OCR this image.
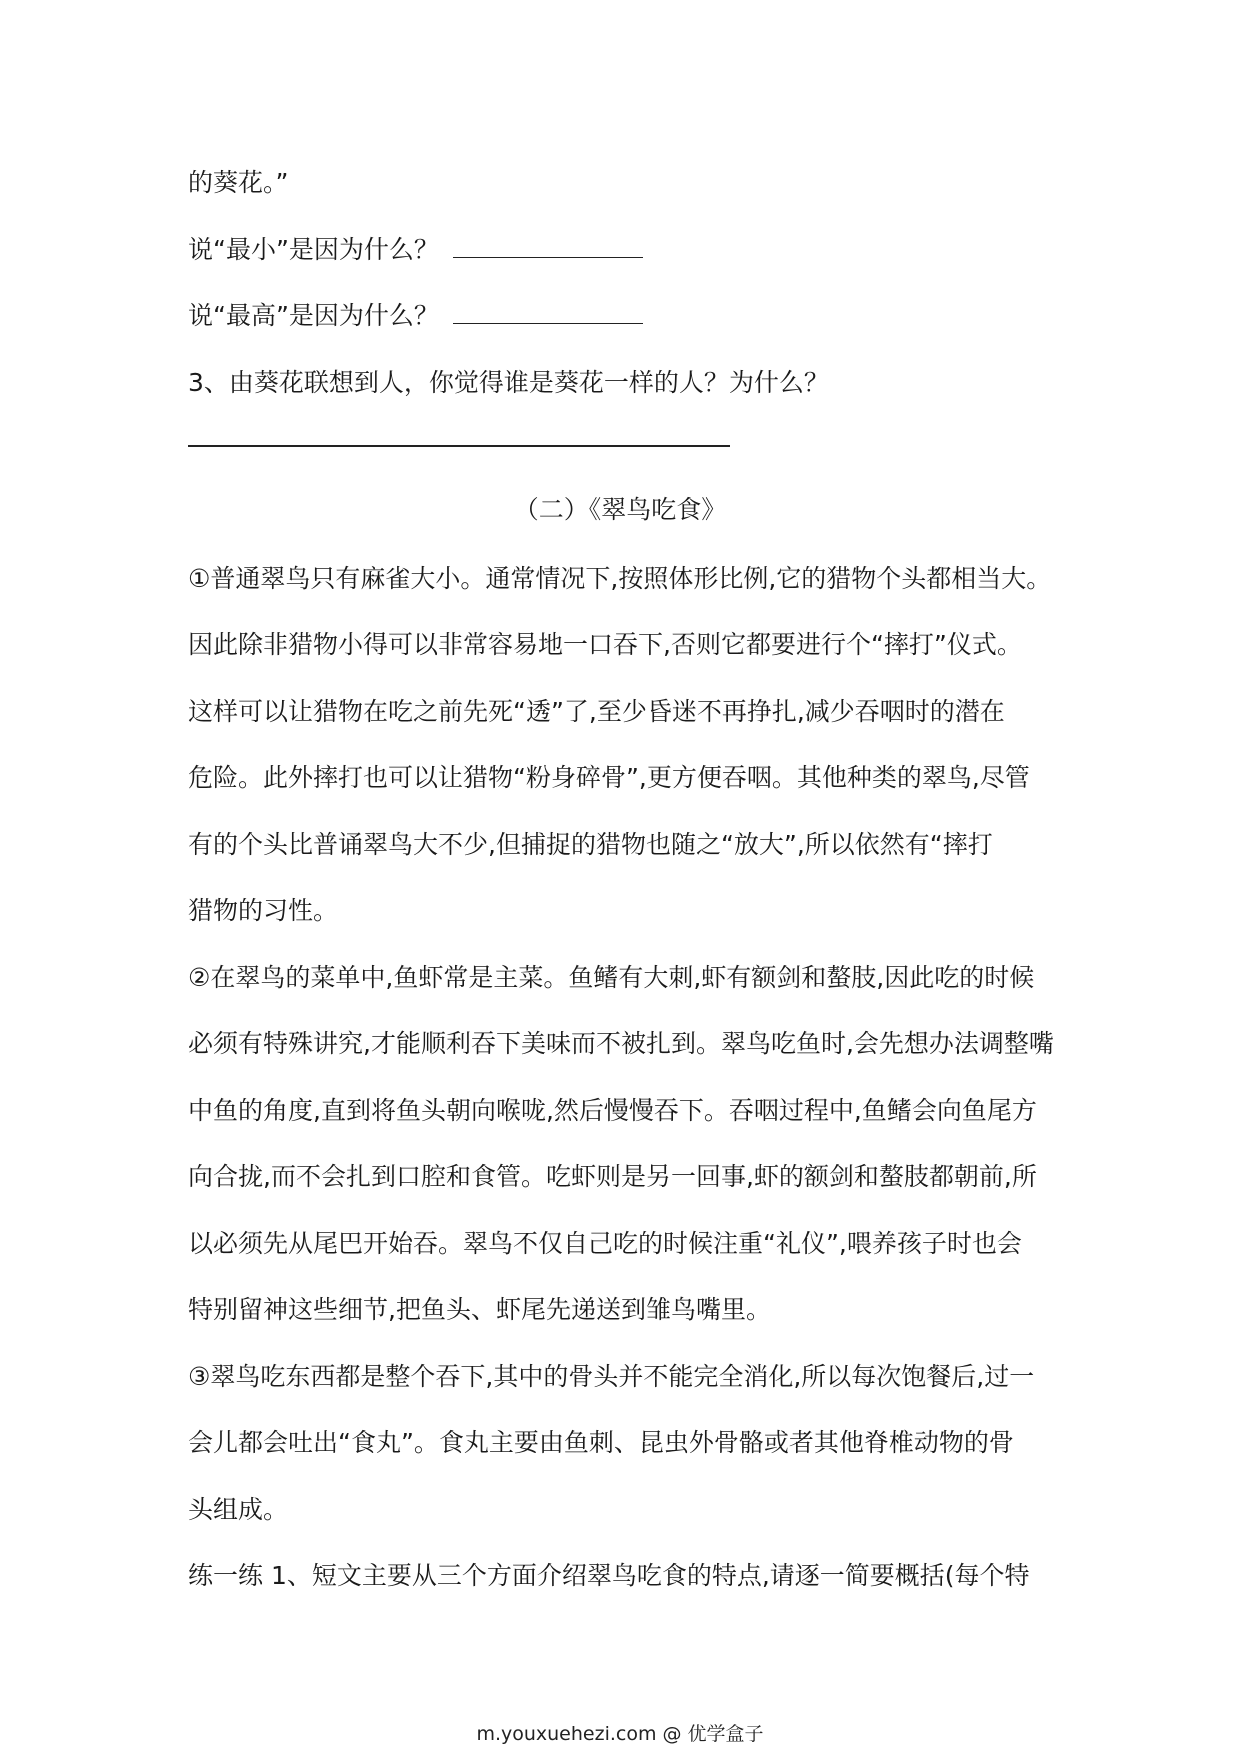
的葵花。”
说“最小”是因为什么？
说“最高”是因为什么？
3、由葵花联想到人，你觉得谁是葵花一样的人？为什么？
（二）《翠鸟吃食》
①普通翠鸟只有麻雀大小。通常情况下,按照体形比例,它的猎物个头都相当大。
因此除非猎物小得可以非常容易地一口吞下,否则它都要进行个“摔打”仪式。
这样可以让猎物在吃之前先死“透”了,至少昏迷不再挣扎,减少吞咽时的潜在
危险。此外摔打也可以让猎物“粉身碎骨”,更方便吞咽。其他种类的翠鸟,尽管
有的个头比普诵翠鸟大不少,但捕捉的猎物也随之“放大”,所以依然有“摔打
猎物的习性。
②在翠鸟的菜单中,鱼虾常是主菜。鱼鳍有大刺,虾有额剑和螯肢,因此吃的时候
必须有特殊讲究,才能顺利吞下美味而不被扎到。翠鸟吃鱼时,会先想办法调整嘴
中鱼的角度,直到将鱼头朝向喉咙,然后慢慢吞下。吞咽过程中,鱼鳍会向鱼尾方
向合拢,而不会扎到口腔和食管。吃虾则是另一回事,虾的额剑和螯肢都朝前,所
以必须先从尾巴开始吞。翠鸟不仅自己吃的时候注重“礼仪”,喂养孩子时也会
特别留神这些细节,把鱼头、虾尾先递送到雏鸟嘴里。
③翠鸟吃东西都是整个吞下,其中的骨头并不能完全消化,所以每次饱餐后,过一
会儿都会吐出“食丸”。食丸主要由鱼刺、昆虫外骨骼或者其他脊椎动物的骨
头组成。
练一练 1、短文主要从三个方面介绍翠鸟吃食的特点,请逐一简要概括(每个特
m.youxuehezi.com @ 优学盒子
